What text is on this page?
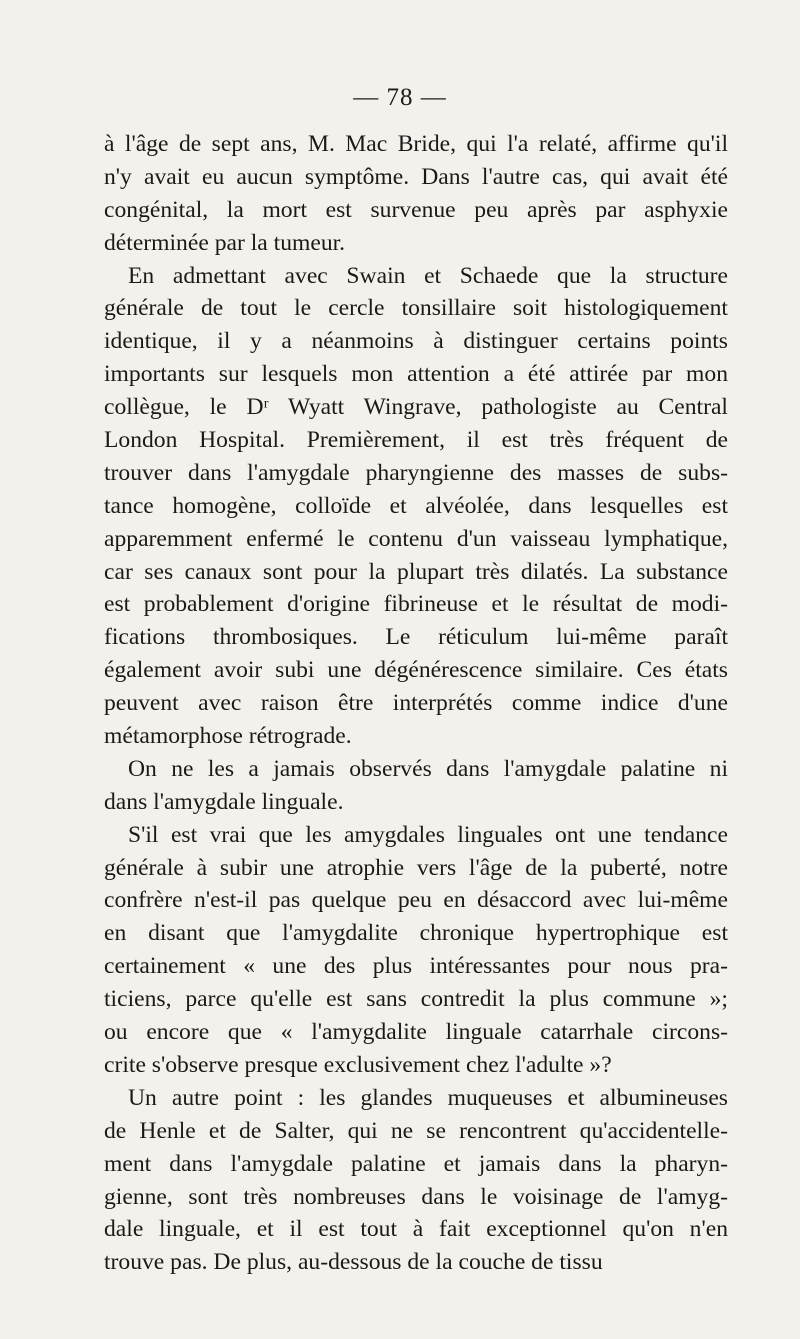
— 78 —
à l'âge de sept ans, M. Mac Bride, qui l'a relaté, affirme qu'il
n'y avait eu aucun symptôme. Dans l'autre cas, qui avait été
congénital, la mort est survenue peu après par asphyxie
déterminée par la tumeur.
En admettant avec Swain et Schaede que la structure
générale de tout le cercle tonsillaire soit histologiquement
identique, il y a néanmoins à distinguer certains points
importants sur lesquels mon attention a été attirée par mon
collègue, le Dʳ Wyatt Wingrave, pathologiste au Central
London Hospital. Premièrement, il est très fréquent de
trouver dans l'amygdale pharyngienne des masses de subs-
tance homogène, colloïde et alvéolée, dans lesquelles est
apparemment enfermé le contenu d'un vaisseau lymphatique,
car ses canaux sont pour la plupart très dilatés. La substance
est probablement d'origine fibrineuse et le résultat de modi-
fications thrombosiques. Le réticulum lui-même paraît
également avoir subi une dégénérescence similaire. Ces états
peuvent avec raison être interprétés comme indice d'une
métamorphose rétrograde.
On ne les a jamais observés dans l'amygdale palatine ni
dans l'amygdale linguale.
S'il est vrai que les amygdales linguales ont une tendance
générale à subir une atrophie vers l'âge de la puberté, notre
confrère n'est-il pas quelque peu en désaccord avec lui-même
en disant que l'amygdalite chronique hypertrophique est
certainement « une des plus intéressantes pour nous pra-
ticiens, parce qu'elle est sans contredit la plus commune »;
ou encore que « l'amygdalite linguale catarrhale circons-
crite s'observe presque exclusivement chez l'adulte »?
Un autre point : les glandes muqueuses et albumineuses
de Henle et de Salter, qui ne se rencontrent qu'accidentelle-
ment dans l'amygdale palatine et jamais dans la pharyn-
gienne, sont très nombreuses dans le voisinage de l'amyg-
dale linguale, et il est tout à fait exceptionnel qu'on n'en
trouve pas. De plus, au-dessous de la couche de tissu
